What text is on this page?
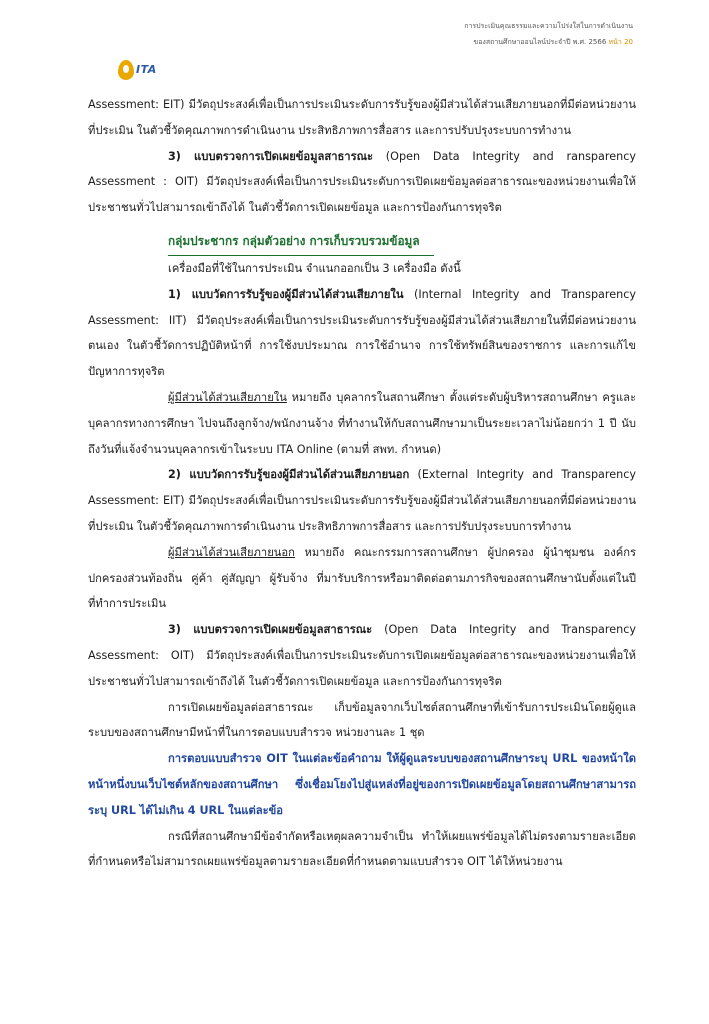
การประเมินคุณธรรมและความโปร่งใสในการดำเนินงาน
ของสถานศึกษาออนไลน์ประจำปี พ.ศ. 2566 หน้า 20
ITA

Assessment: EIT) มีวัตถุประสงค์เพื่อเป็นการประเมินระดับการรับรู้ของผู้มีส่วนได้ส่วนเสียภายนอกที่มีต่อหน่วยงานที่ประเมิน ในตัวชี้วัดคุณภาพการดำเนินงาน ประสิทธิภาพการสื่อสาร และการปรับปรุงระบบการทำงาน

3) แบบตรวจการเปิดเผยข้อมูลสาธารณะ (Open Data Integrity and ransparency Assessment : OIT) มีวัตถุประสงค์เพื่อเป็นการประเมินระดับการเปิดเผยข้อมูลต่อสาธารณะของหน่วยงานเพื่อให้ประชาชนทั่วไปสามารถเข้าถึงได้ ในตัวชี้วัดการเปิดเผยข้อมูล และการป้องกันการทุจริต

กลุ่มประชากร กลุ่มตัวอย่าง การเก็บรวบรวมข้อมูล

เครื่องมือที่ใช้ในการประเมิน จำแนกออกเป็น 3 เครื่องมือ ดังนี้

1) แบบวัดการรับรู้ของผู้มีส่วนได้ส่วนเสียภายใน (Internal Integrity and Transparency Assessment: IIT) มีวัตถุประสงค์เพื่อเป็นการประเมินระดับการรับรู้ของผู้มีส่วนได้ส่วนเสียภายในที่มีต่อหน่วยงานตนเอง ในตัวชี้วัดการปฏิบัติหน้าที่ การใช้งบประมาณ การใช้อำนาจ การใช้ทรัพย์สินของราชการ และการแก้ไขปัญหาการทุจริต

ผู้มีส่วนได้ส่วนเสียภายใน หมายถึง บุคลากรในสถานศึกษา ตั้งแต่ระดับผู้บริหารสถานศึกษา ครูและบุคลากรทางการศึกษา ไปจนถึงลูกจ้าง/พนักงานจ้าง ที่ทำงานให้กับสถานศึกษามาเป็นระยะเวลาไม่น้อยกว่า 1 ปี นับถึงวันที่แจ้งจำนวนบุคลากรเข้าในระบบ ITA Online (ตามที่ สพท. กำหนด)

2) แบบวัดการรับรู้ของผู้มีส่วนได้ส่วนเสียภายนอก (External Integrity and Transparency Assessment: EIT) มีวัตถุประสงค์เพื่อเป็นการประเมินระดับการรับรู้ของผู้มีส่วนได้ส่วนเสียภายนอกที่มีต่อหน่วยงานที่ประเมิน ในตัวชี้วัดคุณภาพการดำเนินงาน ประสิทธิภาพการสื่อสาร และการปรับปรุงระบบการทำงาน

ผู้มีส่วนได้ส่วนเสียภายนอก หมายถึง คณะกรรมการสถานศึกษา ผู้ปกครอง ผู้นำชุมชน องค์กรปกครองส่วนท้องถิ่น คู่ค้า คู่สัญญา ผู้รับจ้าง ที่มารับบริการหรือมาติดต่อตามภารกิจของสถานศึกษานับตั้งแต่ในปีที่ทำการประเมิน

3) แบบตรวจการเปิดเผยข้อมูลสาธารณะ (Open Data Integrity and Transparency Assessment: OIT) มีวัตถุประสงค์เพื่อเป็นการประเมินระดับการเปิดเผยข้อมูลต่อสาธารณะของหน่วยงานเพื่อให้ประชาชนทั่วไปสามารถเข้าถึงได้ ในตัวชี้วัดการเปิดเผยข้อมูล และการป้องกันการทุจริต

การเปิดเผยข้อมูลต่อสาธารณะ เก็บข้อมูลจากเว็บไซต์สถานศึกษาที่เข้ารับการประเมินโดยผู้ดูแลระบบของสถานศึกษามีหน้าที่ในการตอบแบบสำรวจ หน่วยงานละ 1 ชุด

การตอบแบบสำรวจ OIT ในแต่ละข้อคำถาม ให้ผู้ดูแลระบบของสถานศึกษาระบุ URL ของหน้าใดหน้าหนึ่งบนเว็บไซต์หลักของสถานศึกษา ซึ่งเชื่อมโยงไปสู่แหล่งที่อยู่ของการเปิดเผยข้อมูลโดยสถานศึกษาสามารถระบุ URL ได้ไม่เกิน 4 URL ในแต่ละข้อ

กรณีที่สถานศึกษามีข้อจำกัดหรือเหตุผลความจำเป็น ทำให้เผยแพร่ข้อมูลได้ไม่ตรงตามรายละเอียดที่กำหนดหรือไม่สามารถเผยแพร่ข้อมูลตามรายละเอียดที่กำหนดตามแบบสำรวจ OIT ได้ให้หน่วยงาน
